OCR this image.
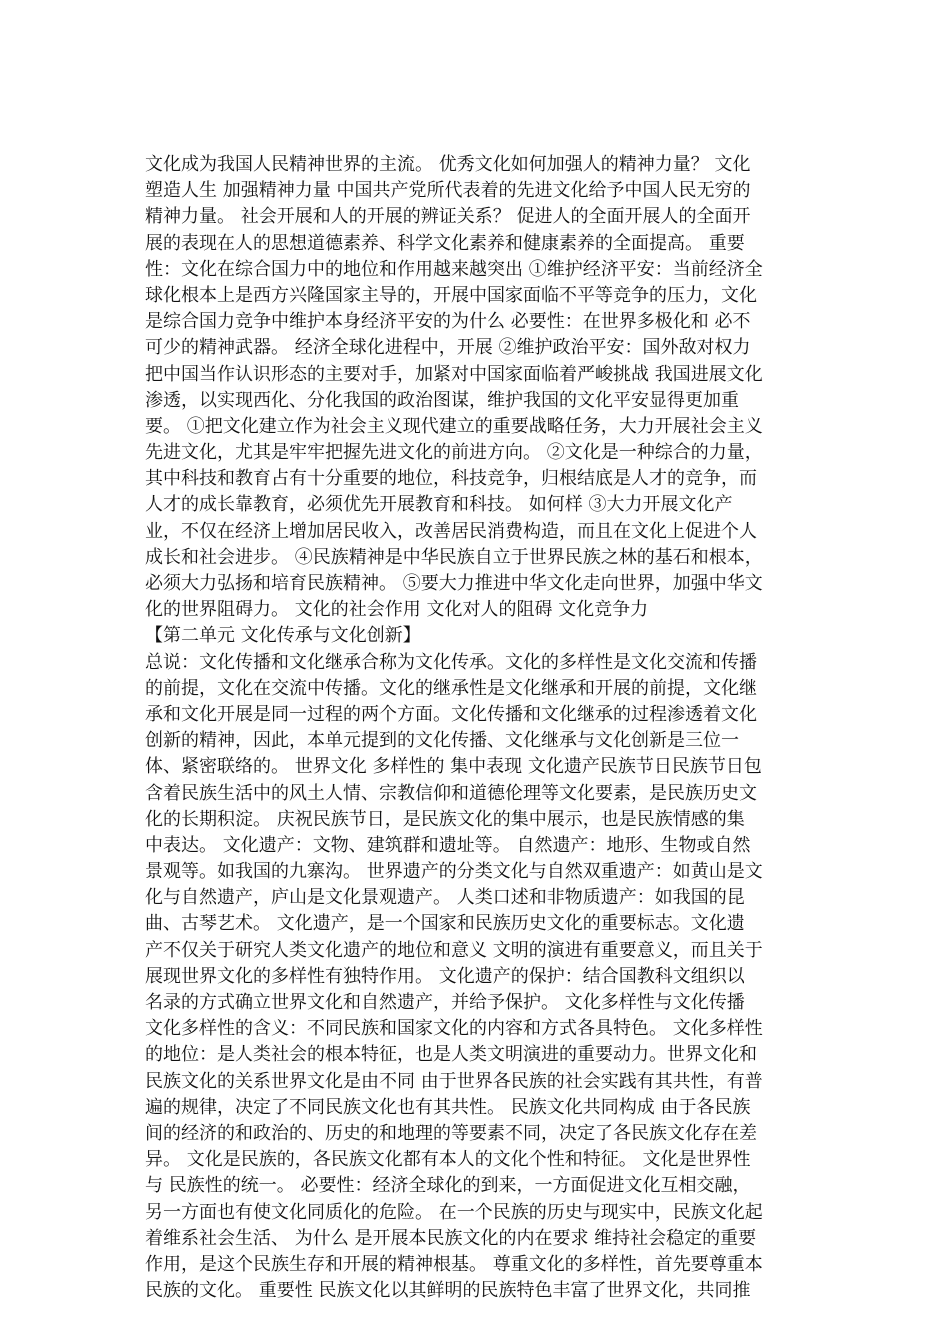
文化成为我国人民精神世界的主流。 优秀文化如何加强人的精神力量？ 文化
塑造人生 加强精神力量 中国共产党所代表着的先进文化给予中国人民无穷的
精神力量。 社会开展和人的开展的辨证关系？ 促进人的全面开展人的全面开
展的表现在人的思想道德素养、科学文化素养和健康素养的全面提高。 重要
性：文化在综合国力中的地位和作用越来越突出 ①维护经济平安：当前经济全
球化根本上是西方兴隆国家主导的，开展中国家面临不平等竞争的压力，文化
是综合国力竞争中维护本身经济平安的为什么 必要性：在世界多极化和 必不
可少的精神武器。 经济全球化进程中，开展 ②维护政治平安：国外敌对权力
把中国当作认识形态的主要对手，加紧对中国家面临着严峻挑战 我国进展文化
渗透，以实现西化、分化我国的政治图谋，维护我国的文化平安显得更加重
要。 ①把文化建立作为社会主义现代建立的重要战略任务，大力开展社会主义
先进文化，尤其是牢牢把握先进文化的前进方向。 ②文化是一种综合的力量，
其中科技和教育占有十分重要的地位，科技竞争，归根结底是人才的竞争，而
人才的成长靠教育，必须优先开展教育和科技。 如何样 ③大力开展文化产
业，不仅在经济上增加居民收入，改善居民消费构造，而且在文化上促进个人
成长和社会进步。 ④民族精神是中华民族自立于世界民族之林的基石和根本，
必须大力弘扬和培育民族精神。 ⑤要大力推进中华文化走向世界，加强中华文
化的世界阻碍力。 文化的社会作用 文化对人的阻碍 文化竞争力
【第二单元 文化传承与文化创新】
总说：文化传播和文化继承合称为文化传承。文化的多样性是文化交流和传播
的前提，文化在交流中传播。文化的继承性是文化继承和开展的前提，文化继
承和文化开展是同一过程的两个方面。文化传播和文化继承的过程渗透着文化
创新的精神，因此，本单元提到的文化传播、文化继承与文化创新是三位一
体、紧密联络的。 世界文化 多样性的 集中表现 文化遗产民族节日民族节日包
含着民族生活中的风土人情、宗教信仰和道德伦理等文化要素，是民族历史文
化的长期积淀。 庆祝民族节日，是民族文化的集中展示，也是民族情感的集
中表达。 文化遗产：文物、建筑群和遗址等。 自然遗产：地形、生物或自然
景观等。如我国的九寨沟。 世界遗产的分类文化与自然双重遗产：如黄山是文
化与自然遗产，庐山是文化景观遗产。 人类口述和非物质遗产：如我国的昆
曲、古琴艺术。 文化遗产，是一个国家和民族历史文化的重要标志。文化遗
产不仅关于研究人类文化遗产的地位和意义 文明的演进有重要意义，而且关于
展现世界文化的多样性有独特作用。 文化遗产的保护：结合国教科文组织以
名录的方式确立世界文化和自然遗产，并给予保护。 文化多样性与文化传播
文化多样性的含义：不同民族和国家文化的内容和方式各具特色。 文化多样性
的地位：是人类社会的根本特征，也是人类文明演进的重要动力。世界文化和
民族文化的关系世界文化是由不同 由于世界各民族的社会实践有其共性，有普
遍的规律，决定了不同民族文化也有其共性。 民族文化共同构成 由于各民族
间的经济的和政治的、历史的和地理的等要素不同，决定了各民族文化存在差
异。 文化是民族的，各民族文化都有本人的文化个性和特征。 文化是世界性
与 民族性的统一。 必要性：经济全球化的到来，一方面促进文化互相交融，
另一方面也有使文化同质化的危险。 在一个民族的历史与现实中，民族文化起
着维系社会生活、 为什么 是开展本民族文化的内在要求 维持社会稳定的重要
作用，是这个民族生存和开展的精神根基。 尊重文化的多样性，首先要尊重本
民族的文化。 重要性 民族文化以其鲜明的民族特色丰富了世界文化，共同推
